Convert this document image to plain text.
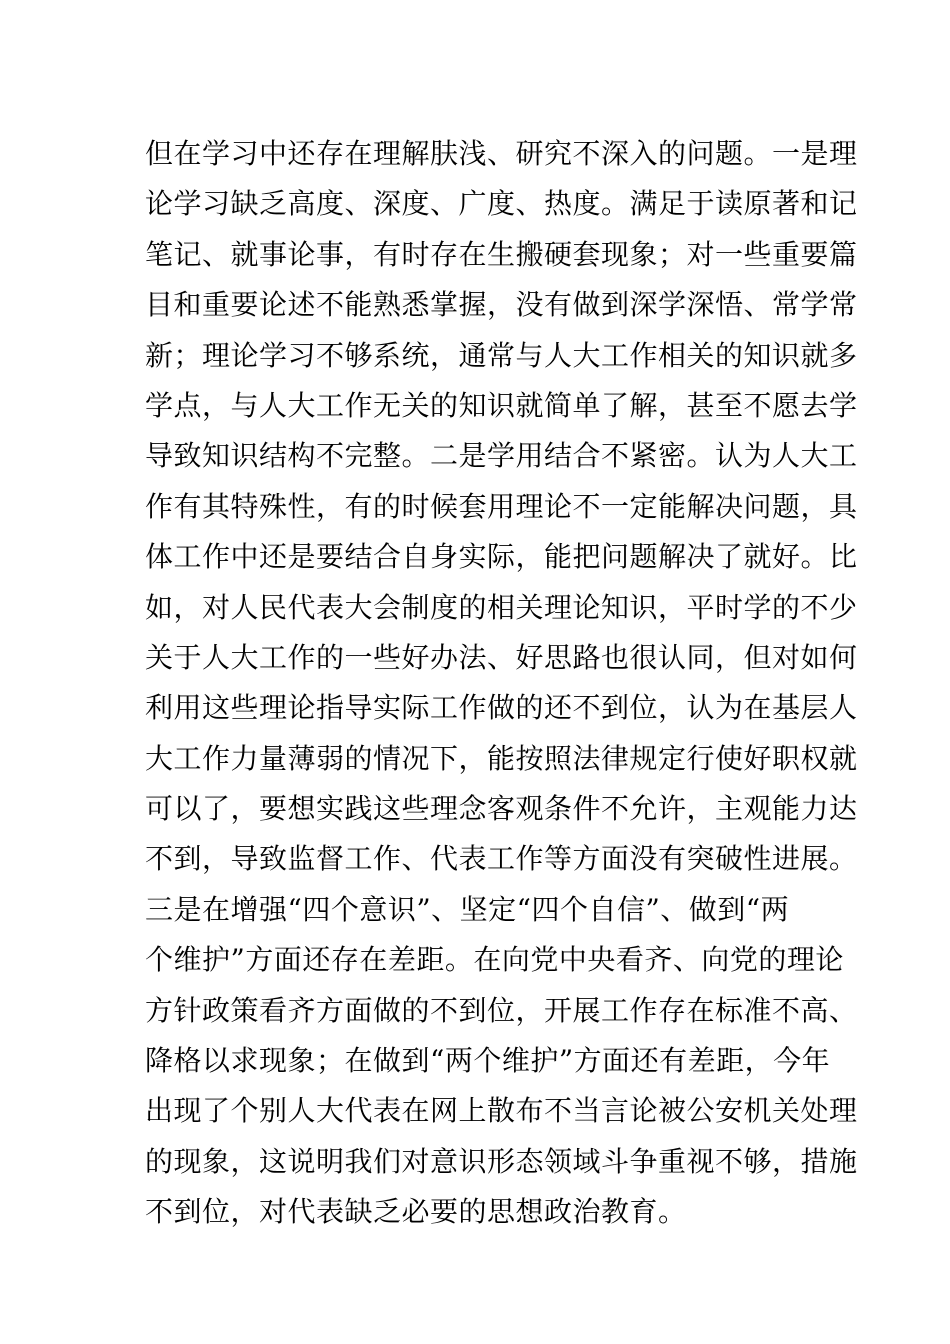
但在学习中还存在理解肤浅、研究不深入的问题。一是理
论学习缺乏高度、深度、广度、热度。满足于读原著和记
笔记、就事论事，有时存在生搬硬套现象；对一些重要篇
目和重要论述不能熟悉掌握，没有做到深学深悟、常学常
新；理论学习不够系统，通常与人大工作相关的知识就多
学点，与人大工作无关的知识就简单了解，甚至不愿去学
导致知识结构不完整。二是学用结合不紧密。认为人大工
作有其特殊性，有的时候套用理论不一定能解决问题，具
体工作中还是要结合自身实际，能把问题解决了就好。比
如，对人民代表大会制度的相关理论知识，平时学的不少
关于人大工作的一些好办法、好思路也很认同，但对如何
利用这些理论指导实际工作做的还不到位，认为在基层人
大工作力量薄弱的情况下，能按照法律规定行使好职权就
可以了，要想实践这些理念客观条件不允许，主观能力达
不到，导致监督工作、代表工作等方面没有突破性进展。
三是在增强“四个意识”、坚定“四个自信”、做到“两
个维护”方面还存在差距。在向党中央看齐、向党的理论
方针政策看齐方面做的不到位，开展工作存在标准不高、
降格以求现象；在做到“两个维护”方面还有差距，今年
出现了个别人大代表在网上散布不当言论被公安机关处理
的现象，这说明我们对意识形态领域斗争重视不够，措施
不到位，对代表缺乏必要的思想政治教育。
